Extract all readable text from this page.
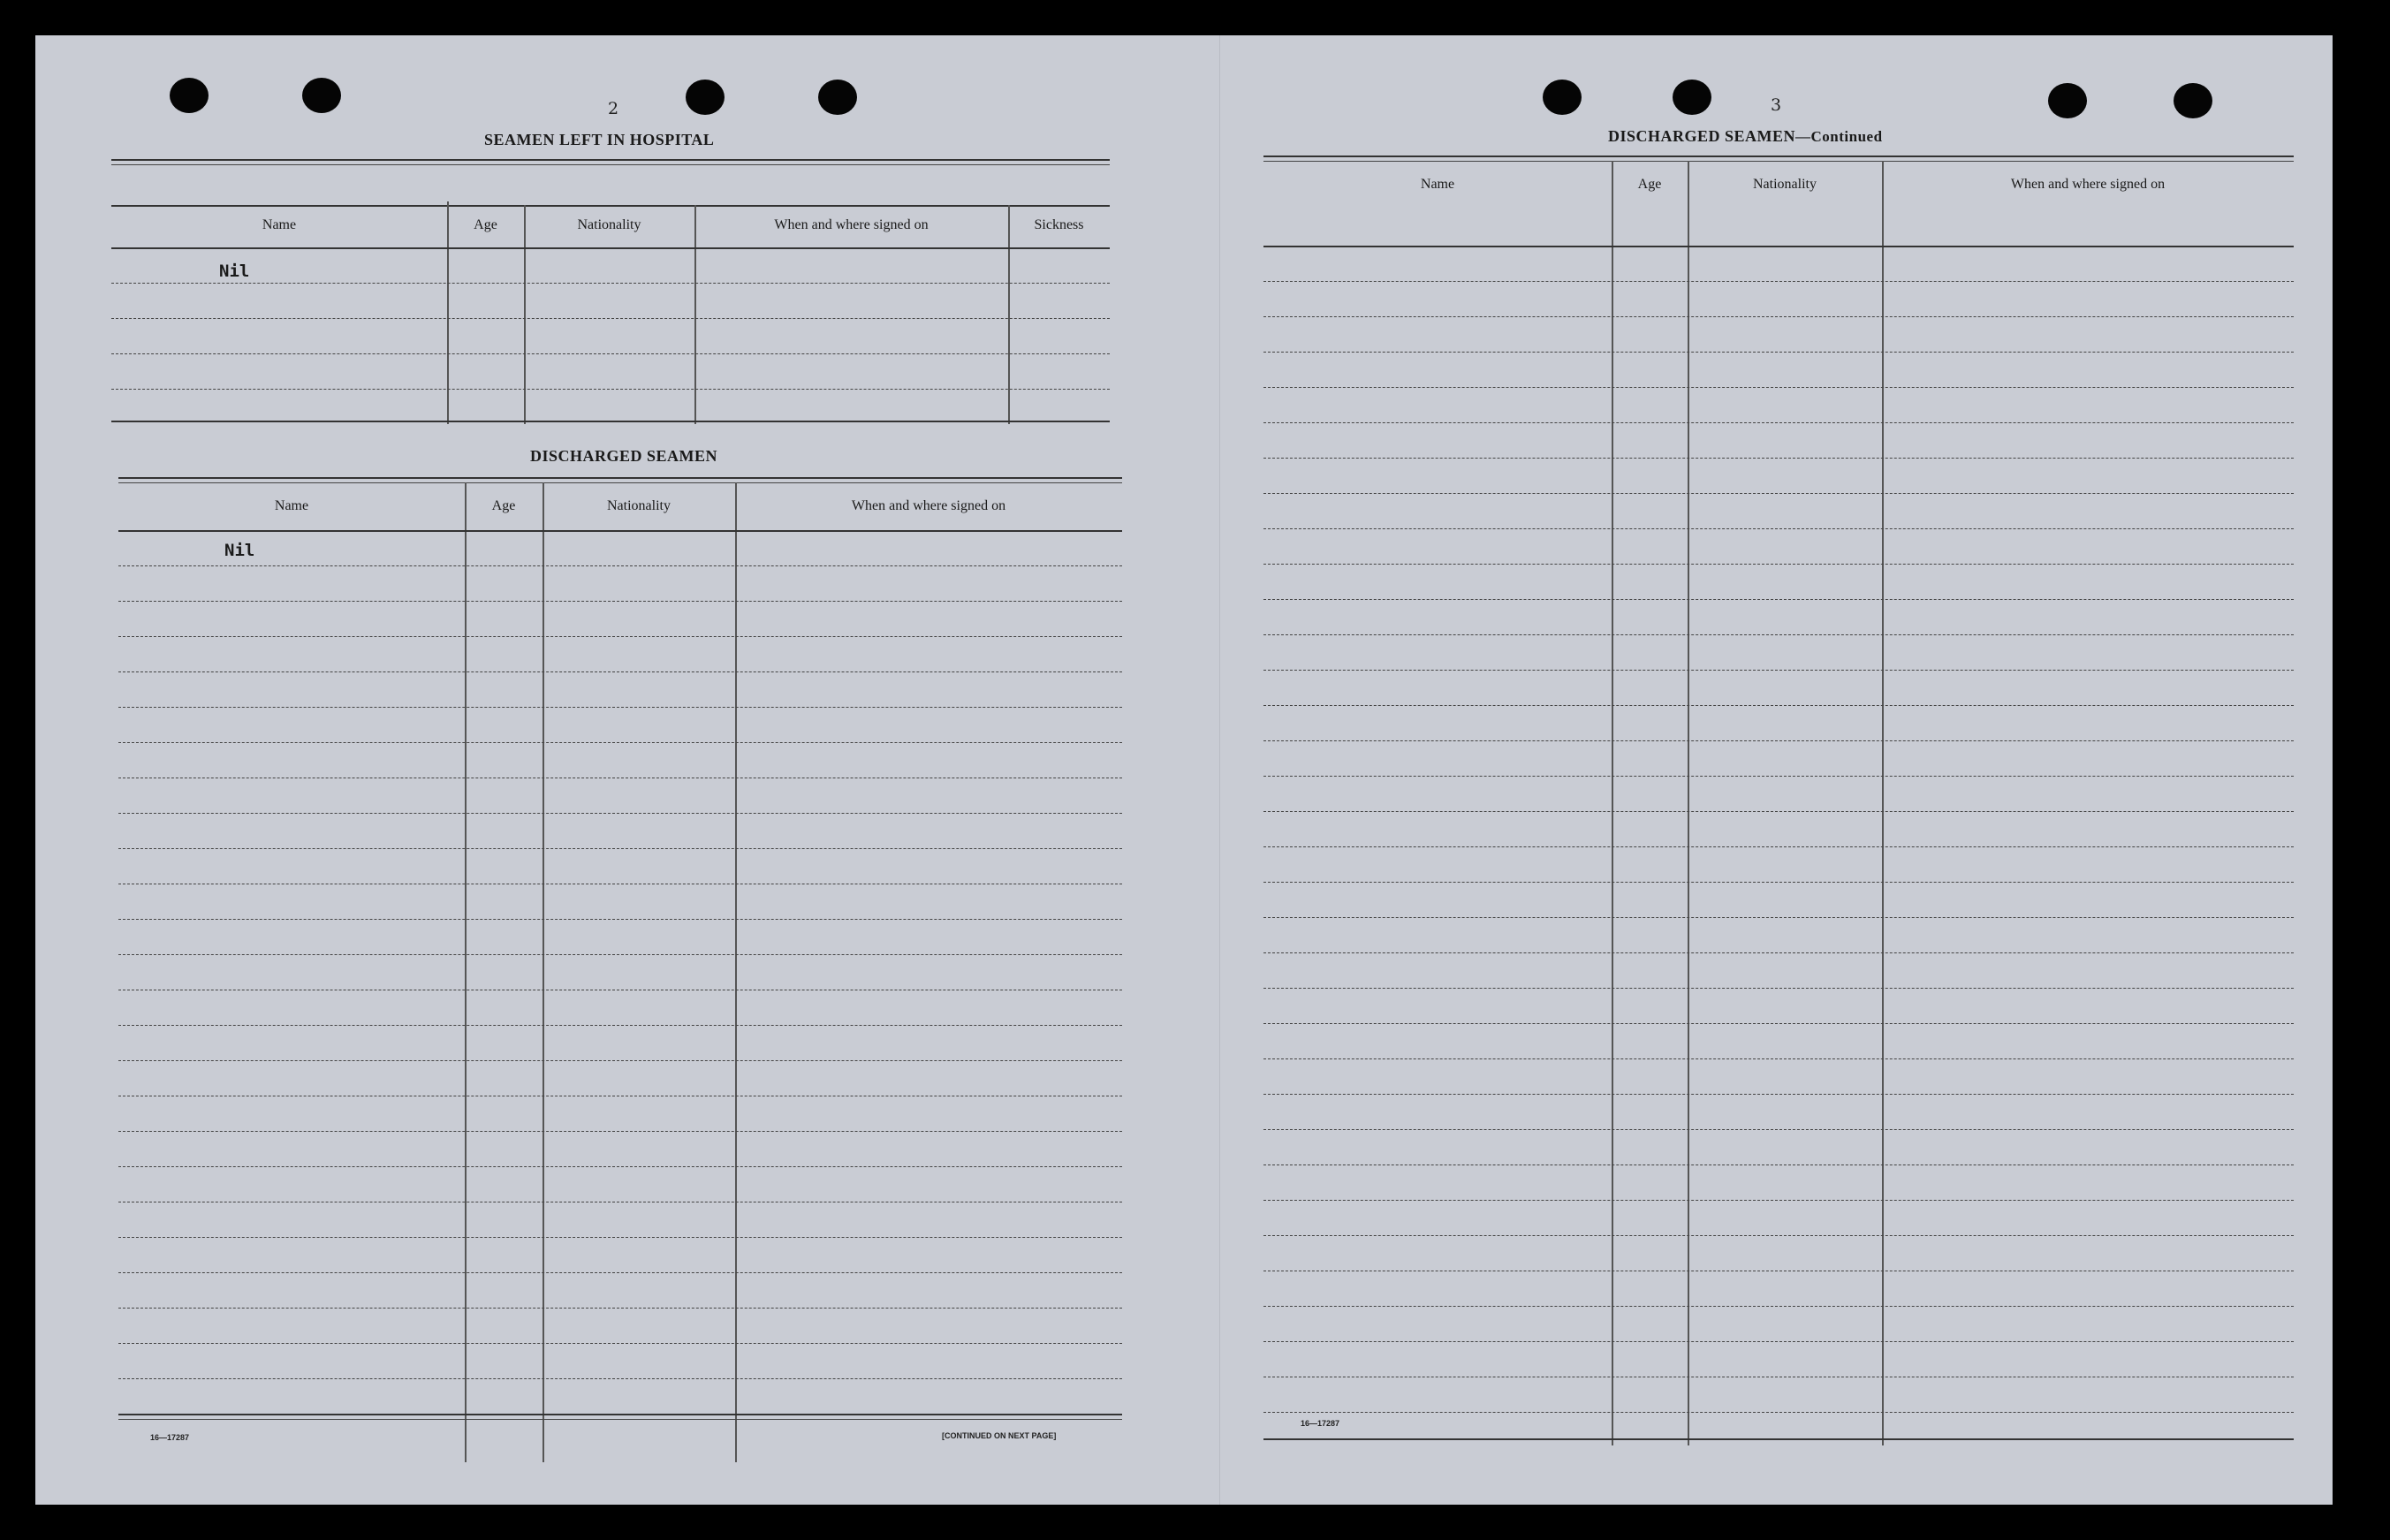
2
SEAMEN LEFT IN HOSPITAL
Name	Age	Nationality	When and where signed on	Sickness
Nil
DISCHARGED SEAMEN
Name	Age	Nationality	When and where signed on
Nil
16—17287	[CONTINUED ON NEXT PAGE]
3
DISCHARGED SEAMEN—Continued
Name	Age	Nationality	When and where signed on
16—17287
